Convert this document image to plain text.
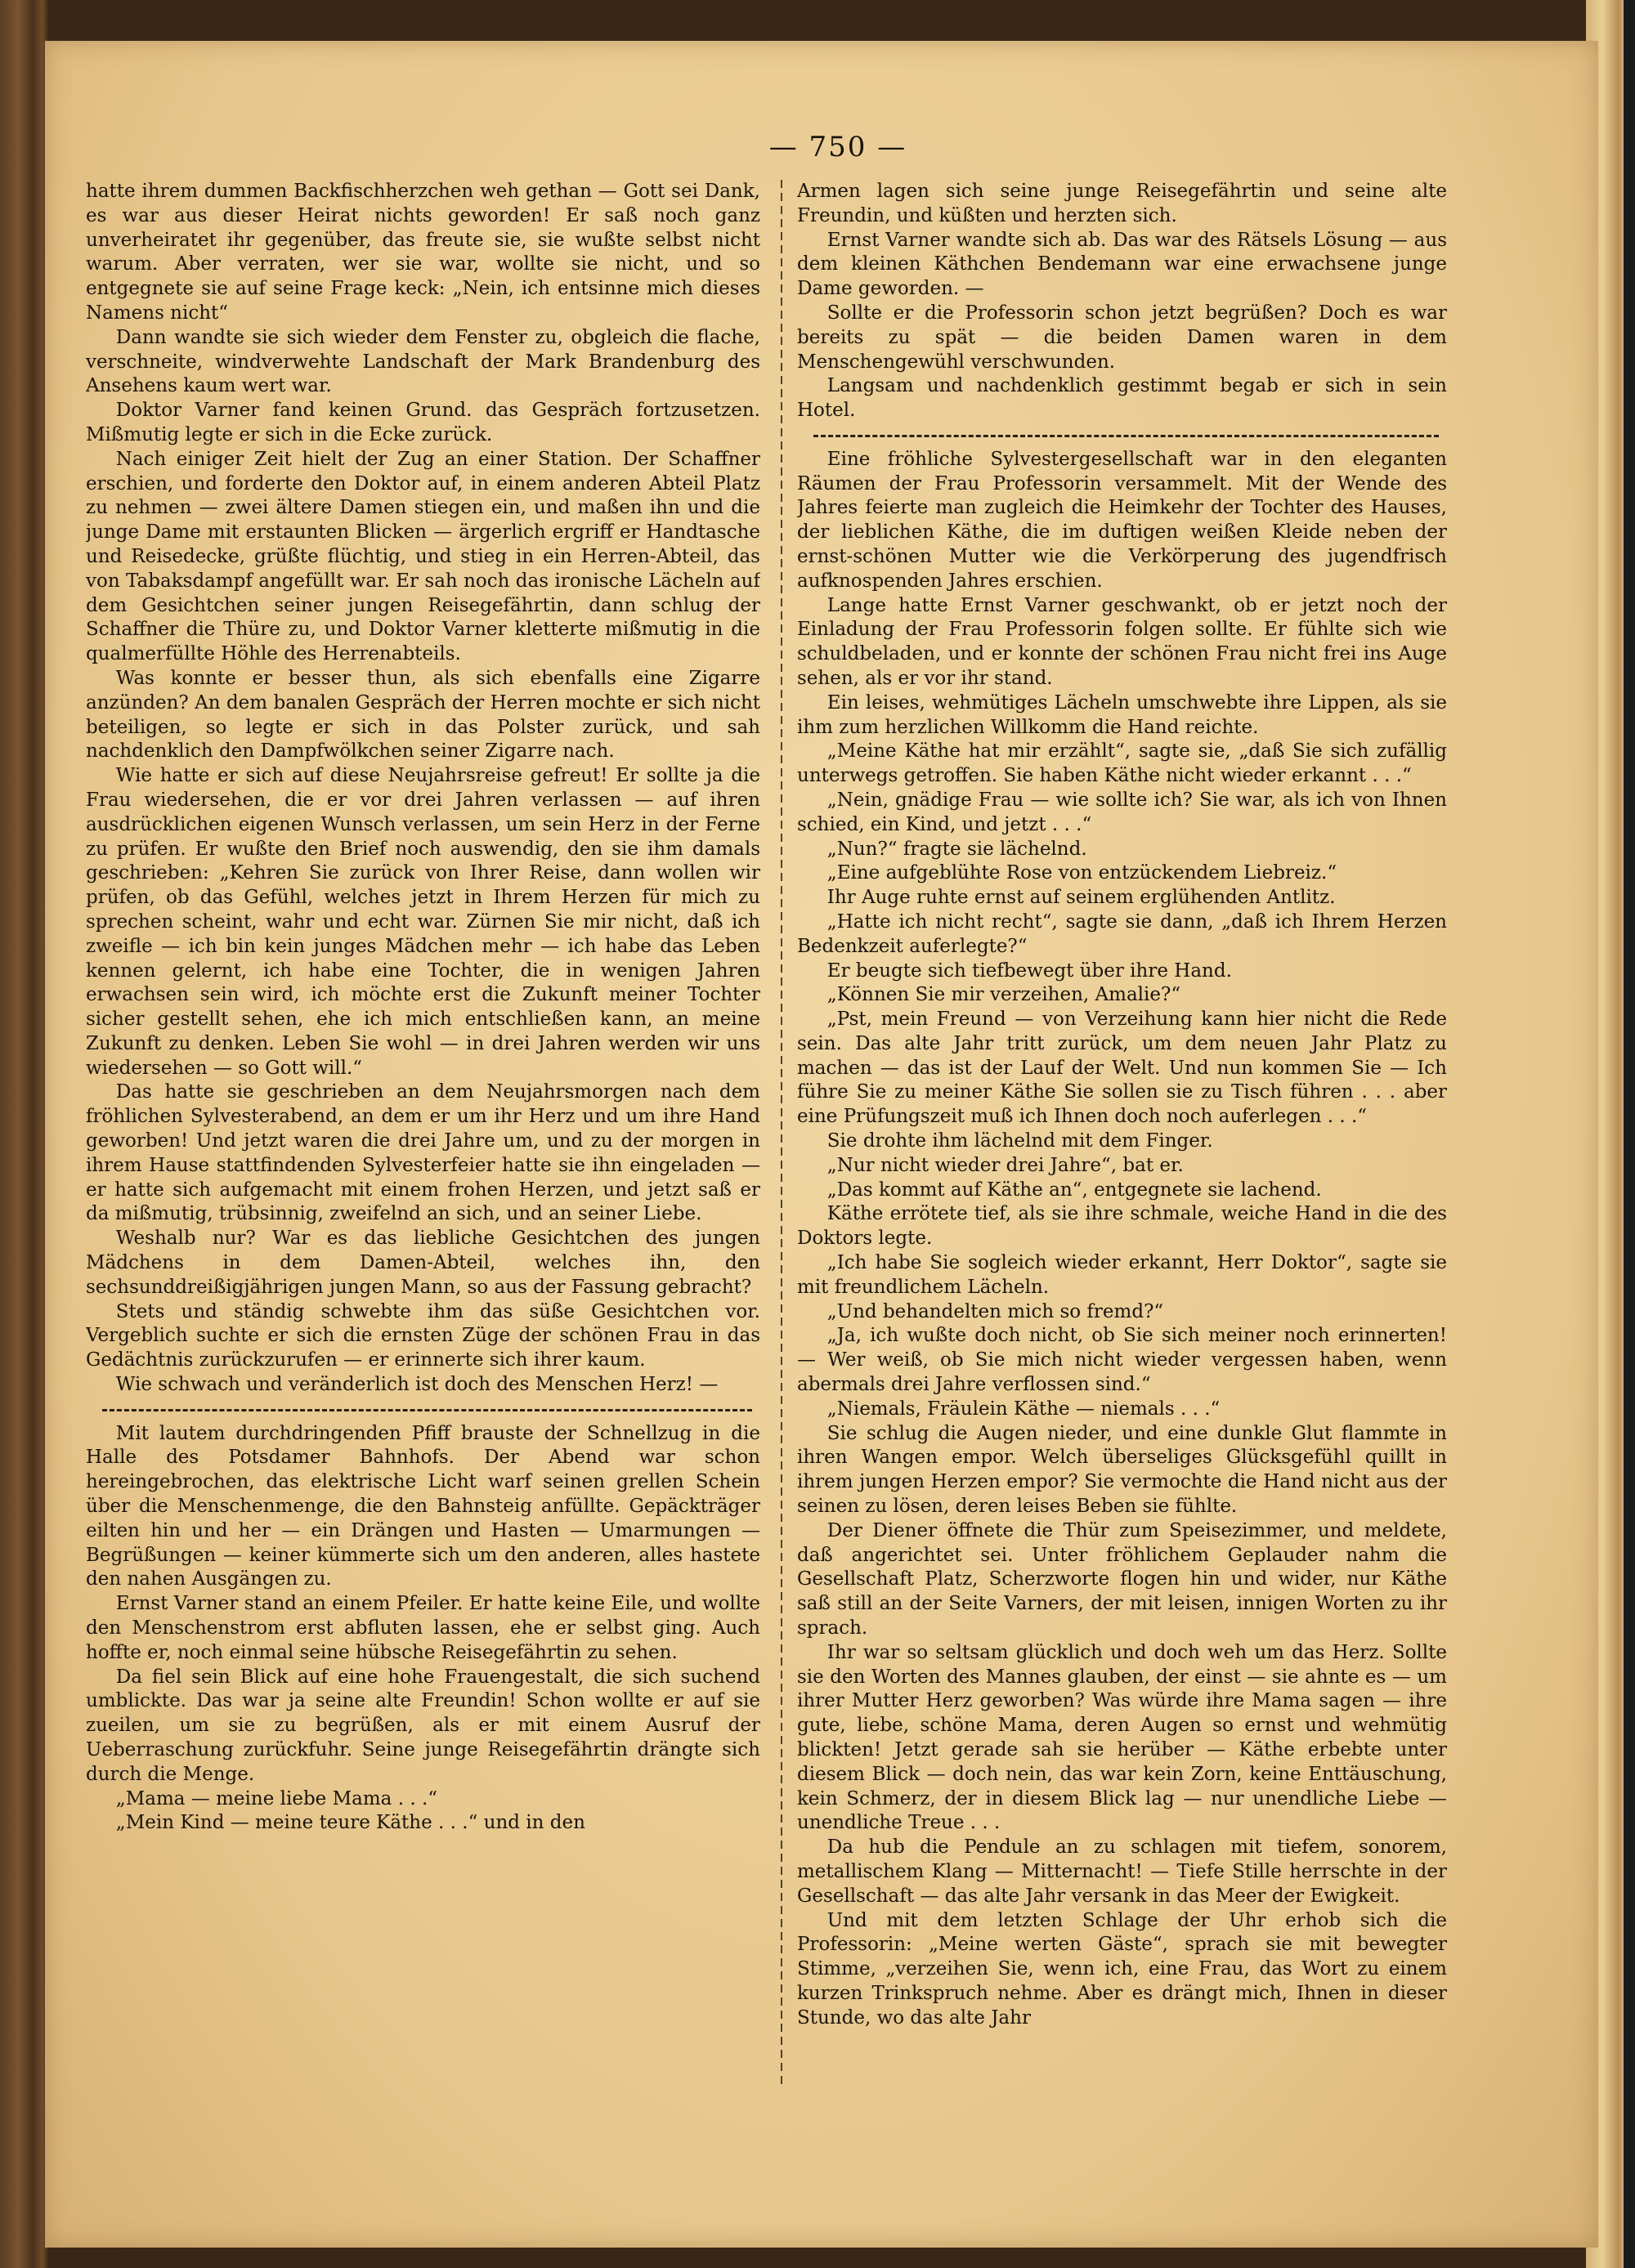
— 750 —

hatte ihrem dummen Backfischherzchen weh gethan — Gott sei Dank, es war aus dieser Heirat nichts geworden! Er saß noch ganz unverheiratet ihr gegenüber, das freute sie, sie wußte selbst nicht warum. Aber verraten, wer sie war, wollte sie nicht, und so entgegnete sie auf seine Frage keck: „Nein, ich entsinne mich dieses Namens nicht“

Dann wandte sie sich wieder dem Fenster zu, obgleich die flache, verschneite, windverwehte Landschaft der Mark Brandenburg des Ansehens kaum wert war.

Doktor Varner fand keinen Grund. das Gespräch fortzusetzen. Mißmutig legte er sich in die Ecke zurück.

Nach einiger Zeit hielt der Zug an einer Station. Der Schaffner erschien, und forderte den Doktor auf, in einem anderen Abteil Platz zu nehmen — zwei ältere Damen stiegen ein, und maßen ihn und die junge Dame mit erstaunten Blicken — ärgerlich ergriff er Handtasche und Reisedecke, grüßte flüchtig, und stieg in ein Herren-Abteil, das von Tabaksdampf angefüllt war. Er sah noch das ironische Lächeln auf dem Gesichtchen seiner jungen Reisegefährtin, dann schlug der Schaffner die Thüre zu, und Doktor Varner kletterte mißmutig in die qualmerfüllte Höhle des Herrenabteils.

Was konnte er besser thun, als sich ebenfalls eine Zigarre anzünden? An dem banalen Gespräch der Herren mochte er sich nicht beteiligen, so legte er sich in das Polster zurück, und sah nachdenklich den Dampfwölkchen seiner Zigarre nach.

Wie hatte er sich auf diese Neujahrsreise gefreut! Er sollte ja die Frau wiedersehen, die er vor drei Jahren verlassen — auf ihren ausdrücklichen eigenen Wunsch verlassen, um sein Herz in der Ferne zu prüfen. Er wußte den Brief noch auswendig, den sie ihm damals geschrieben: „Kehren Sie zurück von Ihrer Reise, dann wollen wir prüfen, ob das Gefühl, welches jetzt in Ihrem Herzen für mich zu sprechen scheint, wahr und echt war. Zürnen Sie mir nicht, daß ich zweifle — ich bin kein junges Mädchen mehr — ich habe das Leben kennen gelernt, ich habe eine Tochter, die in wenigen Jahren erwachsen sein wird, ich möchte erst die Zukunft meiner Tochter sicher gestellt sehen, ehe ich mich entschließen kann, an meine Zukunft zu denken. Leben Sie wohl — in drei Jahren werden wir uns wiedersehen — so Gott will.“

Das hatte sie geschrieben an dem Neujahrsmorgen nach dem fröhlichen Sylvesterabend, an dem er um ihr Herz und um ihre Hand geworben! Und jetzt waren die drei Jahre um, und zu der morgen in ihrem Hause stattfindenden Sylvesterfeier hatte sie ihn eingeladen — er hatte sich aufgemacht mit einem frohen Herzen, und jetzt saß er da mißmutig, trübsinnig, zweifelnd an sich, und an seiner Liebe.

Weshalb nur? War es das liebliche Gesichtchen des jungen Mädchens in dem Damen-Abteil, welches ihn, den sechsunddreißigjährigen jungen Mann, so aus der Fassung gebracht?

Stets und ständig schwebte ihm das süße Gesichtchen vor. Vergeblich suchte er sich die ernsten Züge der schönen Frau in das Gedächtnis zurückzurufen — er erinnerte sich ihrer kaum.

Wie schwach und veränderlich ist doch des Menschen Herz! —

Mit lautem durchdringenden Pfiff brauste der Schnellzug in die Halle des Potsdamer Bahnhofs. Der Abend war schon hereingebrochen, das elektrische Licht warf seinen grellen Schein über die Menschenmenge, die den Bahnsteig anfüllte. Gepäckträger eilten hin und her — ein Drängen und Hasten — Umarmungen — Begrüßungen — keiner kümmerte sich um den anderen, alles hastete den nahen Ausgängen zu.

Ernst Varner stand an einem Pfeiler. Er hatte keine Eile, und wollte den Menschenstrom erst abfluten lassen, ehe er selbst ging. Auch hoffte er, noch einmal seine hübsche Reisegefährtin zu sehen.

Da fiel sein Blick auf eine hohe Frauengestalt, die sich suchend umblickte. Das war ja seine alte Freundin! Schon wollte er auf sie zueilen, um sie zu begrüßen, als er mit einem Ausruf der Ueberraschung zurückfuhr. Seine junge Reisegefährtin drängte sich durch die Menge.

„Mama — meine liebe Mama . . .“

„Mein Kind — meine teure Käthe . . .“ und in den

Armen lagen sich seine junge Reisegefährtin und seine alte Freundin, und küßten und herzten sich.

Ernst Varner wandte sich ab. Das war des Rätsels Lösung — aus dem kleinen Käthchen Bendemann war eine erwachsene junge Dame geworden. —

Sollte er die Professorin schon jetzt begrüßen? Doch es war bereits zu spät — die beiden Damen waren in dem Menschengewühl verschwunden.

Langsam und nachdenklich gestimmt begab er sich in sein Hotel.

Eine fröhliche Sylvestergesellschaft war in den eleganten Räumen der Frau Professorin versammelt. Mit der Wende des Jahres feierte man zugleich die Heimkehr der Tochter des Hauses, der lieblichen Käthe, die im duftigen weißen Kleide neben der ernst-schönen Mutter wie die Verkörperung des jugendfrisch aufknospenden Jahres erschien.

Lange hatte Ernst Varner geschwankt, ob er jetzt noch der Einladung der Frau Professorin folgen sollte. Er fühlte sich wie schuldbeladen, und er konnte der schönen Frau nicht frei ins Auge sehen, als er vor ihr stand.

Ein leises, wehmütiges Lächeln umschwebte ihre Lippen, als sie ihm zum herzlichen Willkomm die Hand reichte.

„Meine Käthe hat mir erzählt“, sagte sie, „daß Sie sich zufällig unterwegs getroffen. Sie haben Käthe nicht wieder erkannt . . .“

„Nein, gnädige Frau — wie sollte ich? Sie war, als ich von Ihnen schied, ein Kind, und jetzt . . .“

„Nun?“ fragte sie lächelnd.

„Eine aufgeblühte Rose von entzückendem Liebreiz.“

Ihr Auge ruhte ernst auf seinem erglühenden Antlitz.

„Hatte ich nicht recht“, sagte sie dann, „daß ich Ihrem Herzen Bedenkzeit auferlegte?“

Er beugte sich tiefbewegt über ihre Hand.

„Können Sie mir verzeihen, Amalie?“

„Pst, mein Freund — von Verzeihung kann hier nicht die Rede sein. Das alte Jahr tritt zurück, um dem neuen Jahr Platz zu machen — das ist der Lauf der Welt. Und nun kommen Sie — Ich führe Sie zu meiner Käthe Sie sollen sie zu Tisch führen . . . aber eine Prüfungszeit muß ich Ihnen doch noch auferlegen . . .“

Sie drohte ihm lächelnd mit dem Finger.

„Nur nicht wieder drei Jahre“, bat er.

„Das kommt auf Käthe an“, entgegnete sie lachend.

Käthe errötete tief, als sie ihre schmale, weiche Hand in die des Doktors legte.

„Ich habe Sie sogleich wieder erkannt, Herr Doktor“, sagte sie mit freundlichem Lächeln.

„Und behandelten mich so fremd?“

„Ja, ich wußte doch nicht, ob Sie sich meiner noch erinnerten! — Wer weiß, ob Sie mich nicht wieder vergessen haben, wenn abermals drei Jahre verflossen sind.“

„Niemals, Fräulein Käthe — niemals . . .“

Sie schlug die Augen nieder, und eine dunkle Glut flammte in ihren Wangen empor. Welch überseliges Glücksgefühl quillt in ihrem jungen Herzen empor? Sie vermochte die Hand nicht aus der seinen zu lösen, deren leises Beben sie fühlte.

Der Diener öffnete die Thür zum Speisezimmer, und meldete, daß angerichtet sei. Unter fröhlichem Geplauder nahm die Gesellschaft Platz, Scherzworte flogen hin und wider, nur Käthe saß still an der Seite Varners, der mit leisen, innigen Worten zu ihr sprach.

Ihr war so seltsam glücklich und doch weh um das Herz. Sollte sie den Worten des Mannes glauben, der einst — sie ahnte es — um ihrer Mutter Herz geworben? Was würde ihre Mama sagen — ihre gute, liebe, schöne Mama, deren Augen so ernst und wehmütig blickten! Jetzt gerade sah sie herüber — Käthe erbebte unter diesem Blick — doch nein, das war kein Zorn, keine Enttäuschung, kein Schmerz, der in diesem Blick lag — nur unendliche Liebe — unendliche Treue . . .

Da hub die Pendule an zu schlagen mit tiefem, sonorem, metallischem Klang — Mitternacht! — Tiefe Stille herrschte in der Gesellschaft — das alte Jahr versank in das Meer der Ewigkeit.

Und mit dem letzten Schlage der Uhr erhob sich die Professorin: „Meine werten Gäste“, sprach sie mit bewegter Stimme, „verzeihen Sie, wenn ich, eine Frau, das Wort zu einem kurzen Trinkspruch nehme. Aber es drängt mich, Ihnen in dieser Stunde, wo das alte Jahr
